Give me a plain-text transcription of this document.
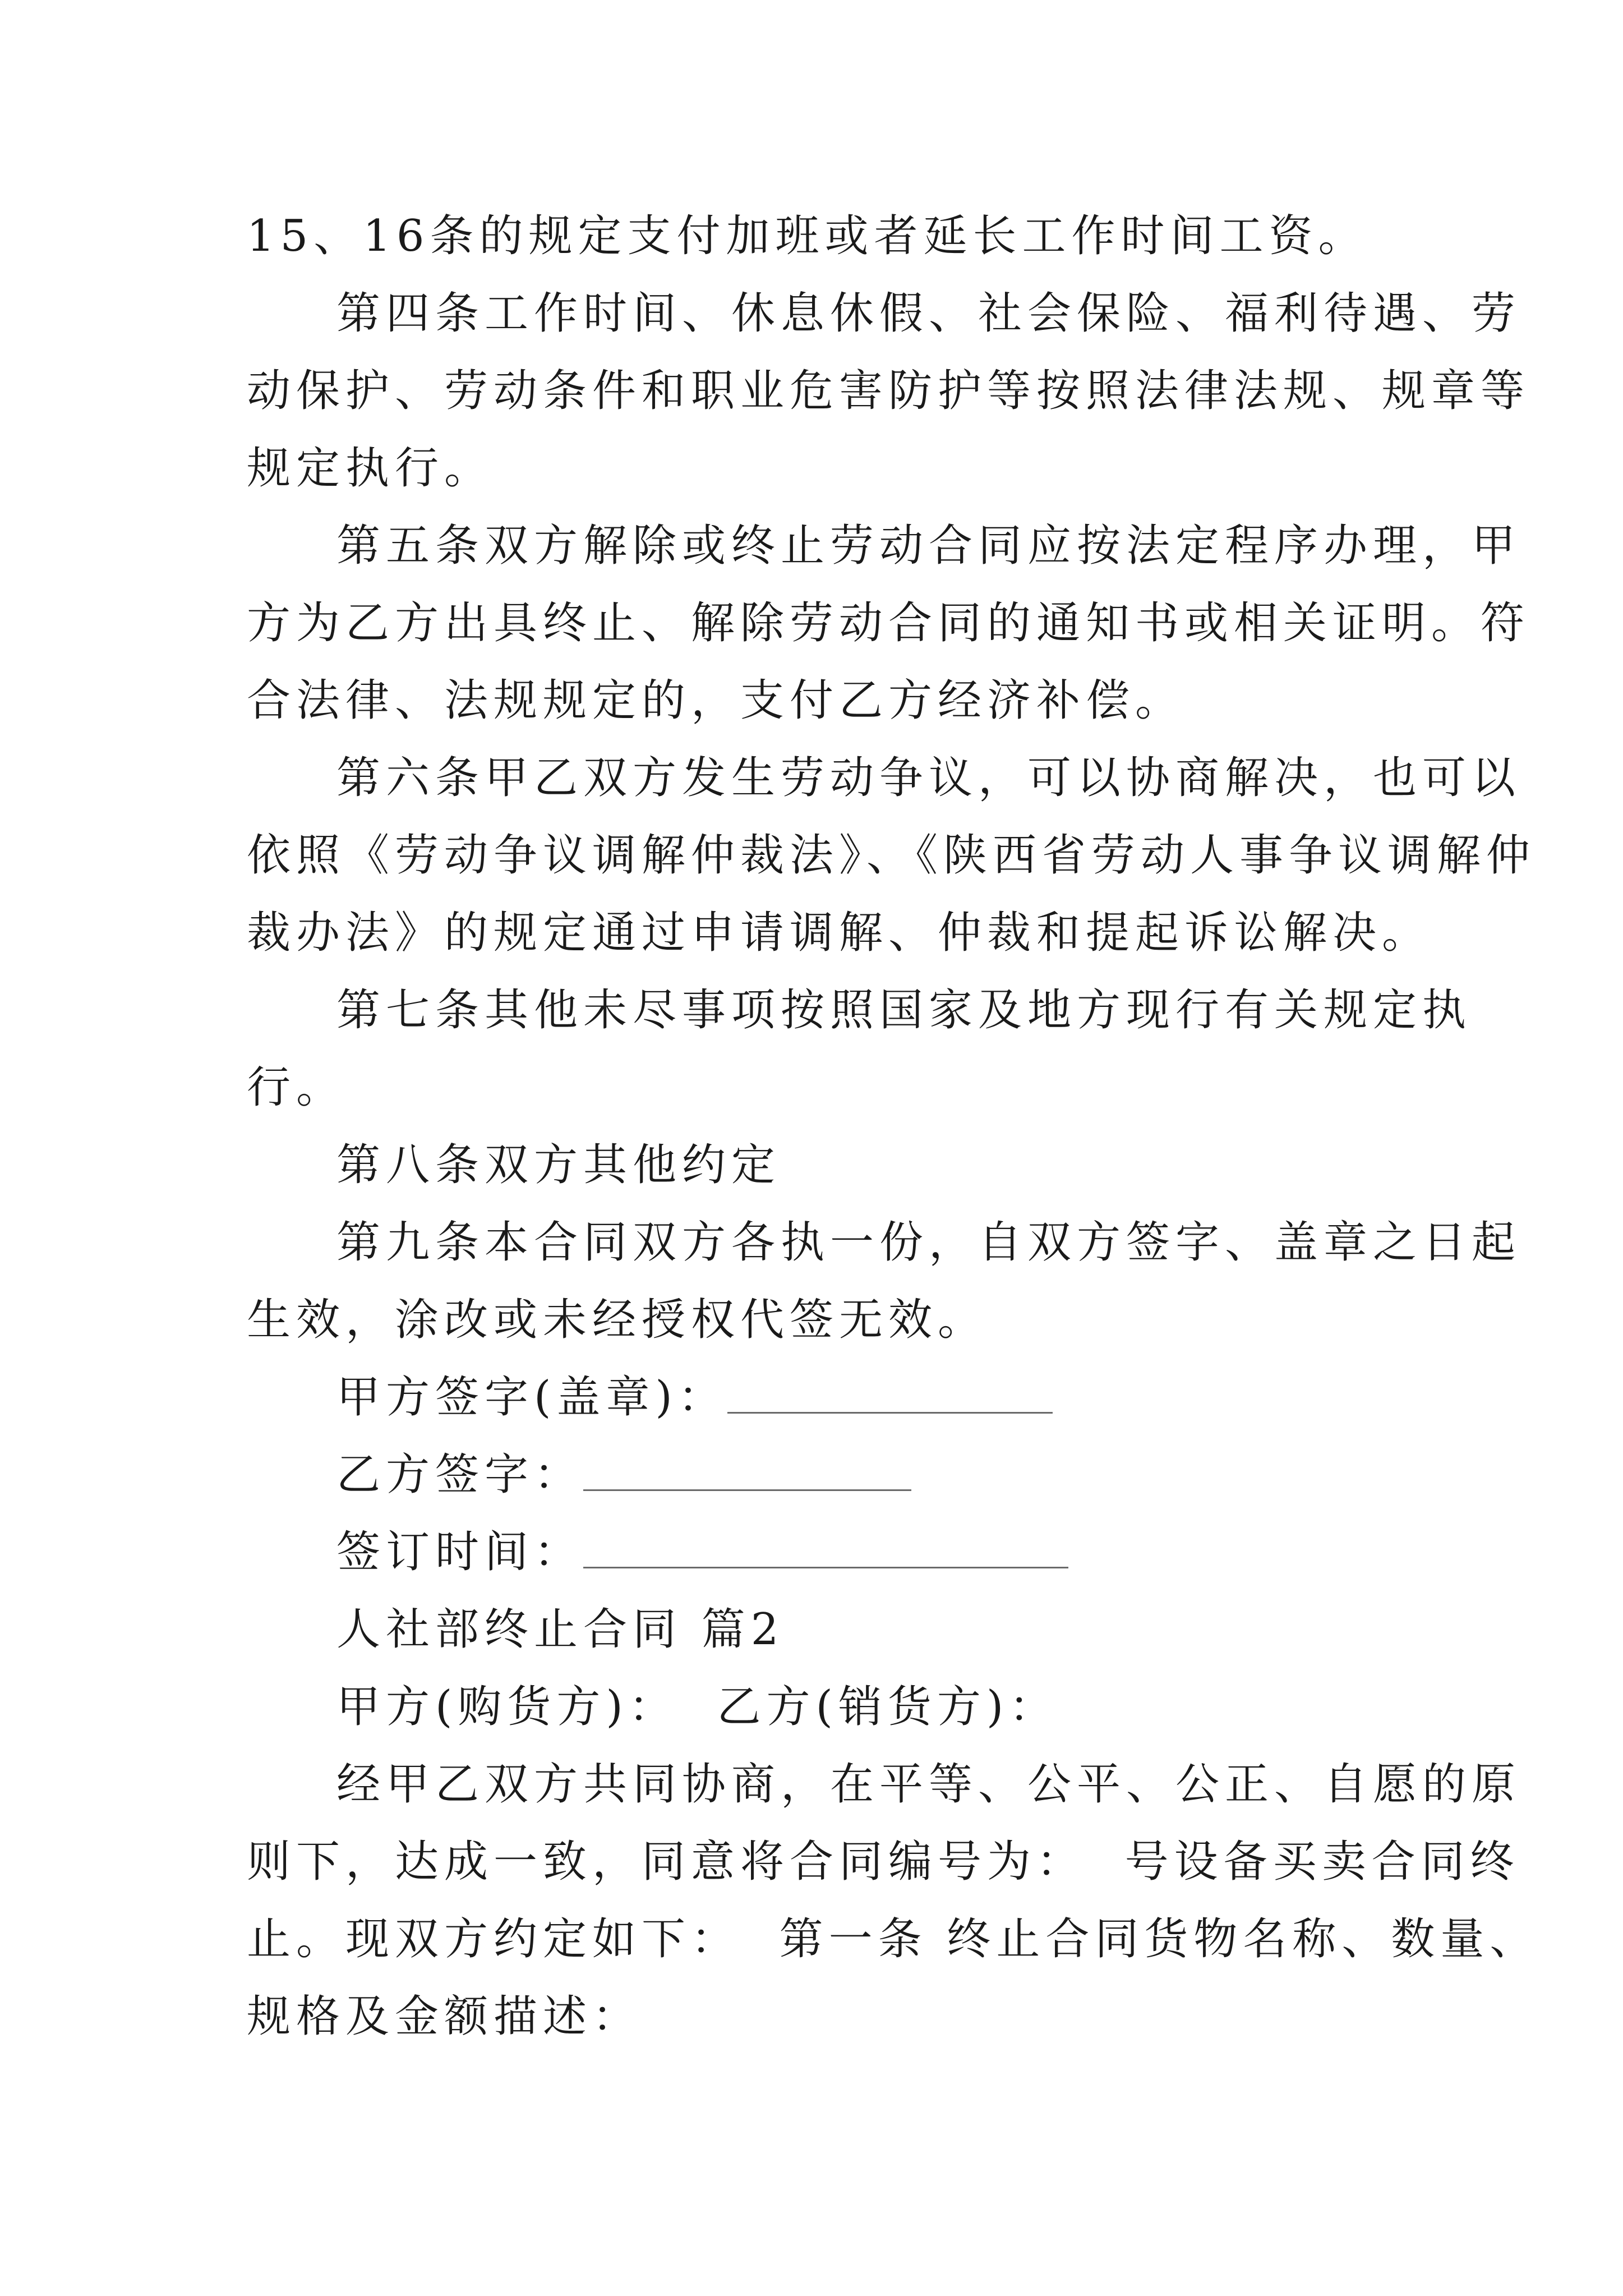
15、16条的规定支付加班或者延长工作时间工资。

第四条工作时间、休息休假、社会保险、福利待遇、劳
动保护、劳动条件和职业危害防护等按照法律法规、规章等
规定执行。

第五条双方解除或终止劳动合同应按法定程序办理，甲
方为乙方出具终止、解除劳动合同的通知书或相关证明。符
合法律、法规规定的，支付乙方经济补偿。

第六条甲乙双方发生劳动争议，可以协商解决，也可以
依照《劳动争议调解仲裁法》、《陕西省劳动人事争议调解仲
裁办法》的规定通过申请调解、仲裁和提起诉讼解决。

第七条其他未尽事项按照国家及地方现行有关规定执
行。

第八条双方其他约定

第九条本合同双方各执一份，自双方签字、盖章之日起
生效，涂改或未经授权代签无效。

甲方签字(盖章)：
乙方签字：
签订时间：

人社部终止合同 篇2

甲方(购货方)：  乙方(销货方)：

经甲乙双方共同协商，在平等、公平、公正、自愿的原
则下，达成一致，同意将合同编号为：  号设备买卖合同终
止。现双方约定如下：  第一条 终止合同货物名称、数量、
规格及金额描述：
